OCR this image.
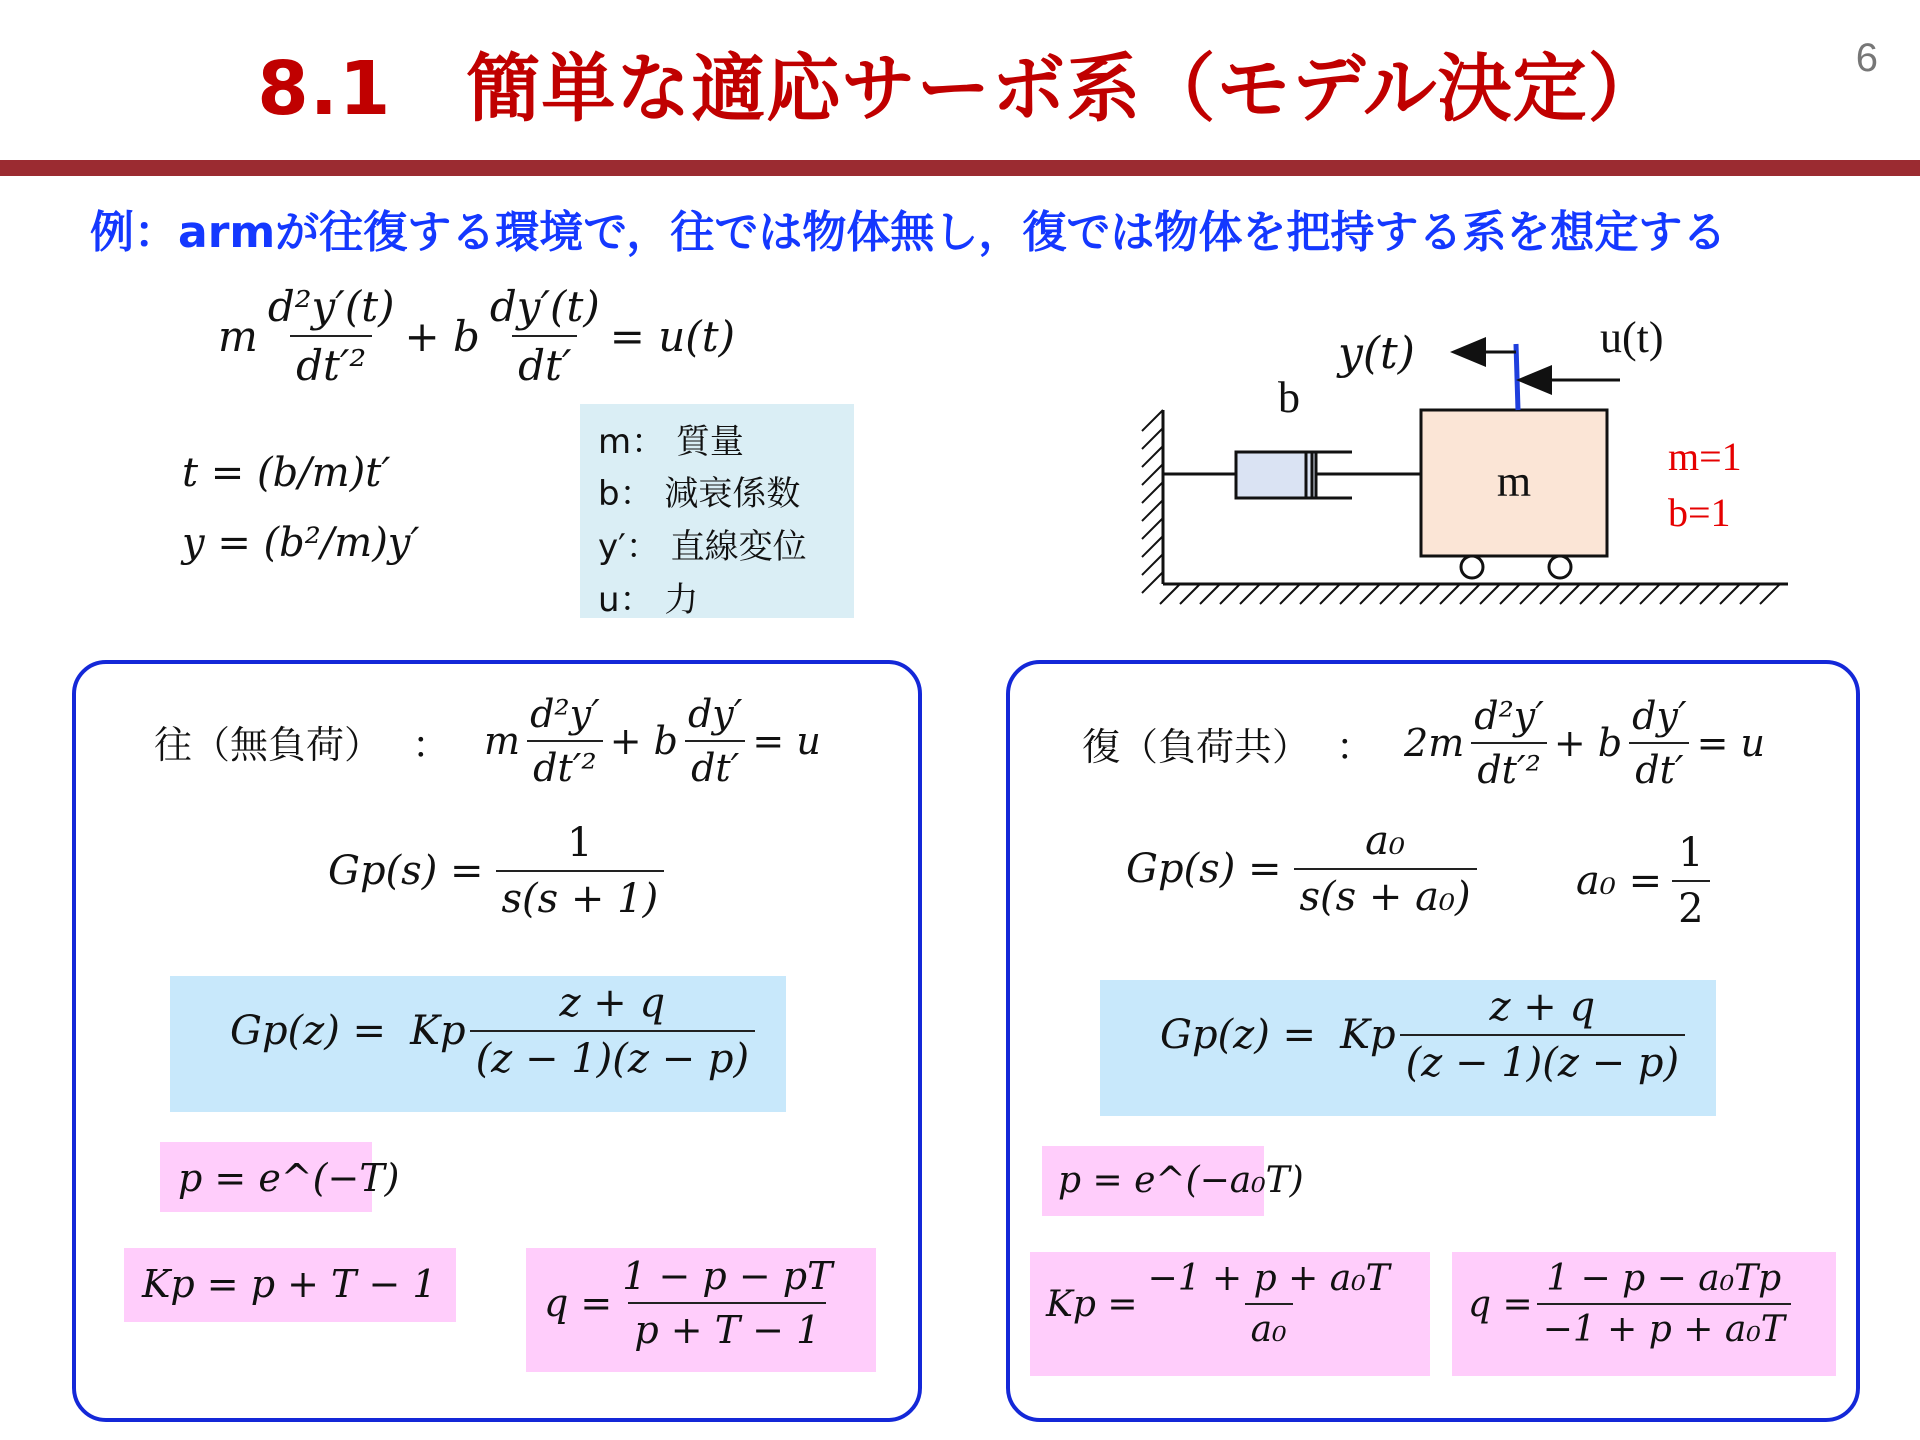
8.1　簡単な適応サーボ系（モデル決定）	6
例：armが往復する環境で，往では物体無し，復では物体を把持する系を想定する
m $\frac{\text{d²y′(t)}}{\text{dt′²}} + b \frac{dy'(t)}{dt'} = u(t)$
t = (b/m)t′
y = (b²/m)y′
m： 質量
b： 減衰係数
y′： 直線変位
u： 力
b
m
y(t)	u(t)
m=1
b=1
往（無負荷） ： m $\frac{\text{d²y′}}{\text{dt′²}} + b \frac{dy'}{dt'} = u$
$Gp(s) = \frac{1}{s(s + 1)}$
Gp(z) = Kp $\frac{z + q}{(z - 1)(z - p)}$
p = e^(−T)
Kp = p + T − 1	$q = \frac{1 - p - pT}{p + T - 1}$
復（負荷共） ： $2m \frac{\text{d²y′}}{\text{dt′²}} + b \frac{dy'}{dt'} = u$
$Gp(s) = \frac{\text{a₀}}{\text{s(s + a₀)}} a_0 = \frac{1}{2}$
Gp(z) = Kp $\frac{z + q}{(z - 1)(z - p)}$
p = e^(−a₀T)
$Kp = \frac{\text{−1 + p + a₀T}}{\text{a₀}}$ $q = \frac{\text{1 − p − a₀Tp}}{\text{−1 + p + a₀T}}$
